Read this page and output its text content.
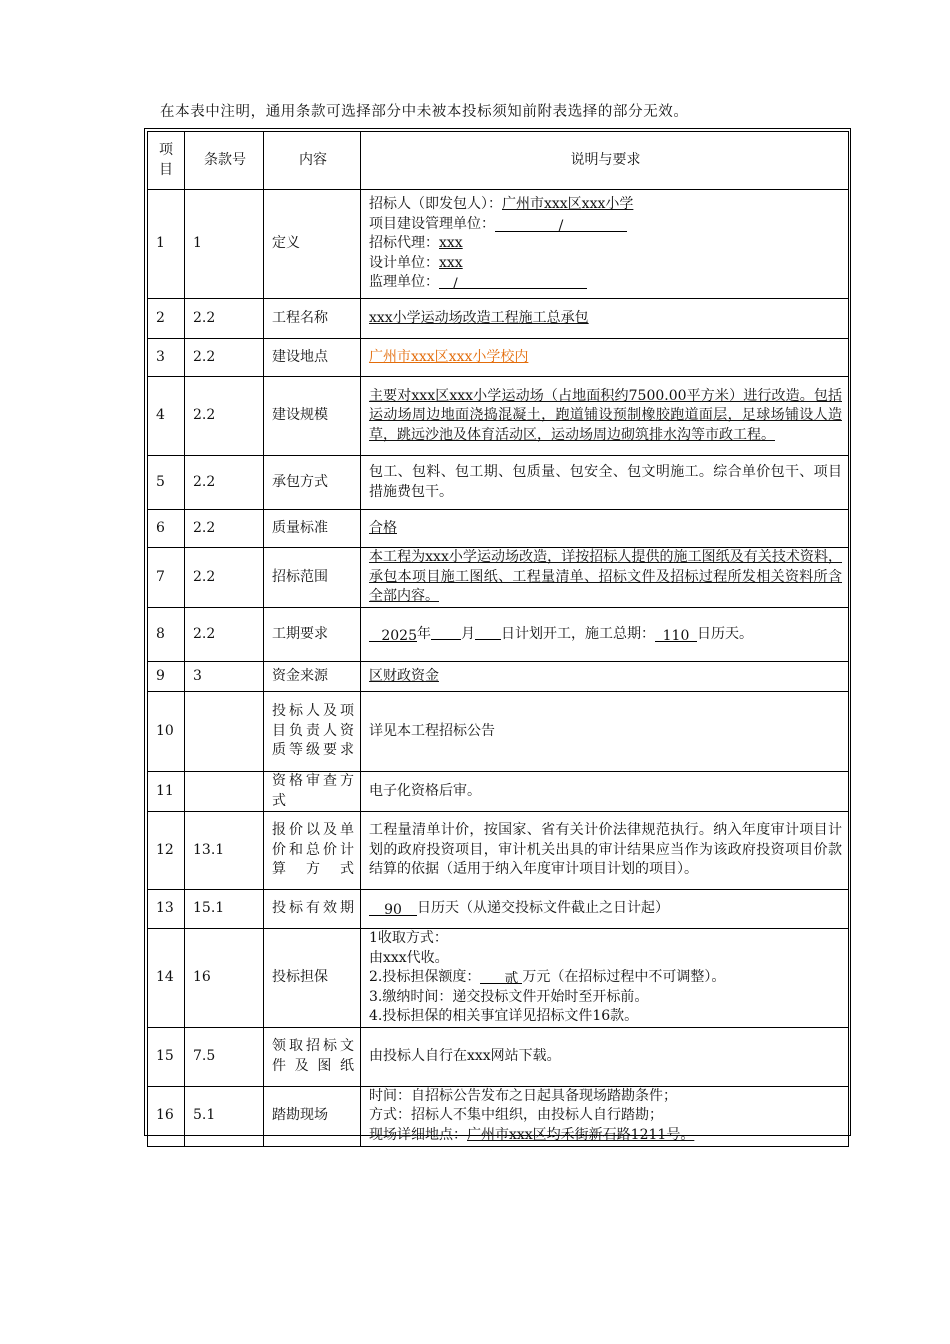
在本表中注明，通用条款可选择部分中未被本投标须知前附表选择的部分无效。
项目	条款号	内容	说明与要求
1	1	定义	招标人（即发包人）：广州市xxx区xxx小学
项目建设管理单位： /
招标代理：xxx
设计单位：xxx
监理单位： /

2	2.2	工程名称	xxx小学运动场改造工程施工总承包
3	2.2	建设地点	广州市xxx区xxx小学校内
4	2.2	建设规模	主要对xxx区xxx小学运动场（占地面积约7500.00平方米）进行改造。包括运动场周边地面浇捣混凝土，跑道铺设预制橡胶跑道面层，足球场铺设人造草，跳远沙池及体育活动区，运动场周边砌筑排水沟等市政工程。
5	2.2	承包方式	包工、包料、包工期、包质量、包安全、包文明施工。综合单价包干、项目措施费包干。
6	2.2	质量标准	合格
7	2.2	招标范围	本工程为xxx小学运动场改造，详按招标人提供的施工图纸及有关技术资料，承包本项目施工图纸、工程量清单、招标文件及招标过程所发相关资料所含全部内容。
8	2.2	工期要求	2025年 月 日计划开工，施工总期： 110 日历天。
9	3	资金来源	区财政资金
10		投标人及项目负责人资质等级要求	详见本工程招标公告
11		资格审查方式	电子化资格后审。
12	13.1	报价以及单价和总价计算方式	工程量清单计价，按国家、省有关计价法律规范执行。纳入年度审计项目计划的政府投资项目，审计机关出具的审计结果应当作为该政府投资项目价款结算的依据（适用于纳入年度审计项目计划的项目）。
13	15.1	投标有效期	90 日历天（从递交投标文件截止之日计起）
14	16	投标担保	1收取方式：
由xxx代收。
2.投标担保额度： 贰 万元（在招标过程中不可调整）。
3.缴纳时间：递交投标文件开始时至开标前。
4.投标担保的相关事宜详见招标文件16款。

15	7.5	领取招标文件及图纸	由投标人自行在xxx网站下载。
16	5.1	踏勘现场	时间：自招标公告发布之日起具备现场踏勘条件；
方式：招标人不集中组织，由投标人自行踏勘；
现场详细地点：广州市xxx区均禾街新石路1211号。
